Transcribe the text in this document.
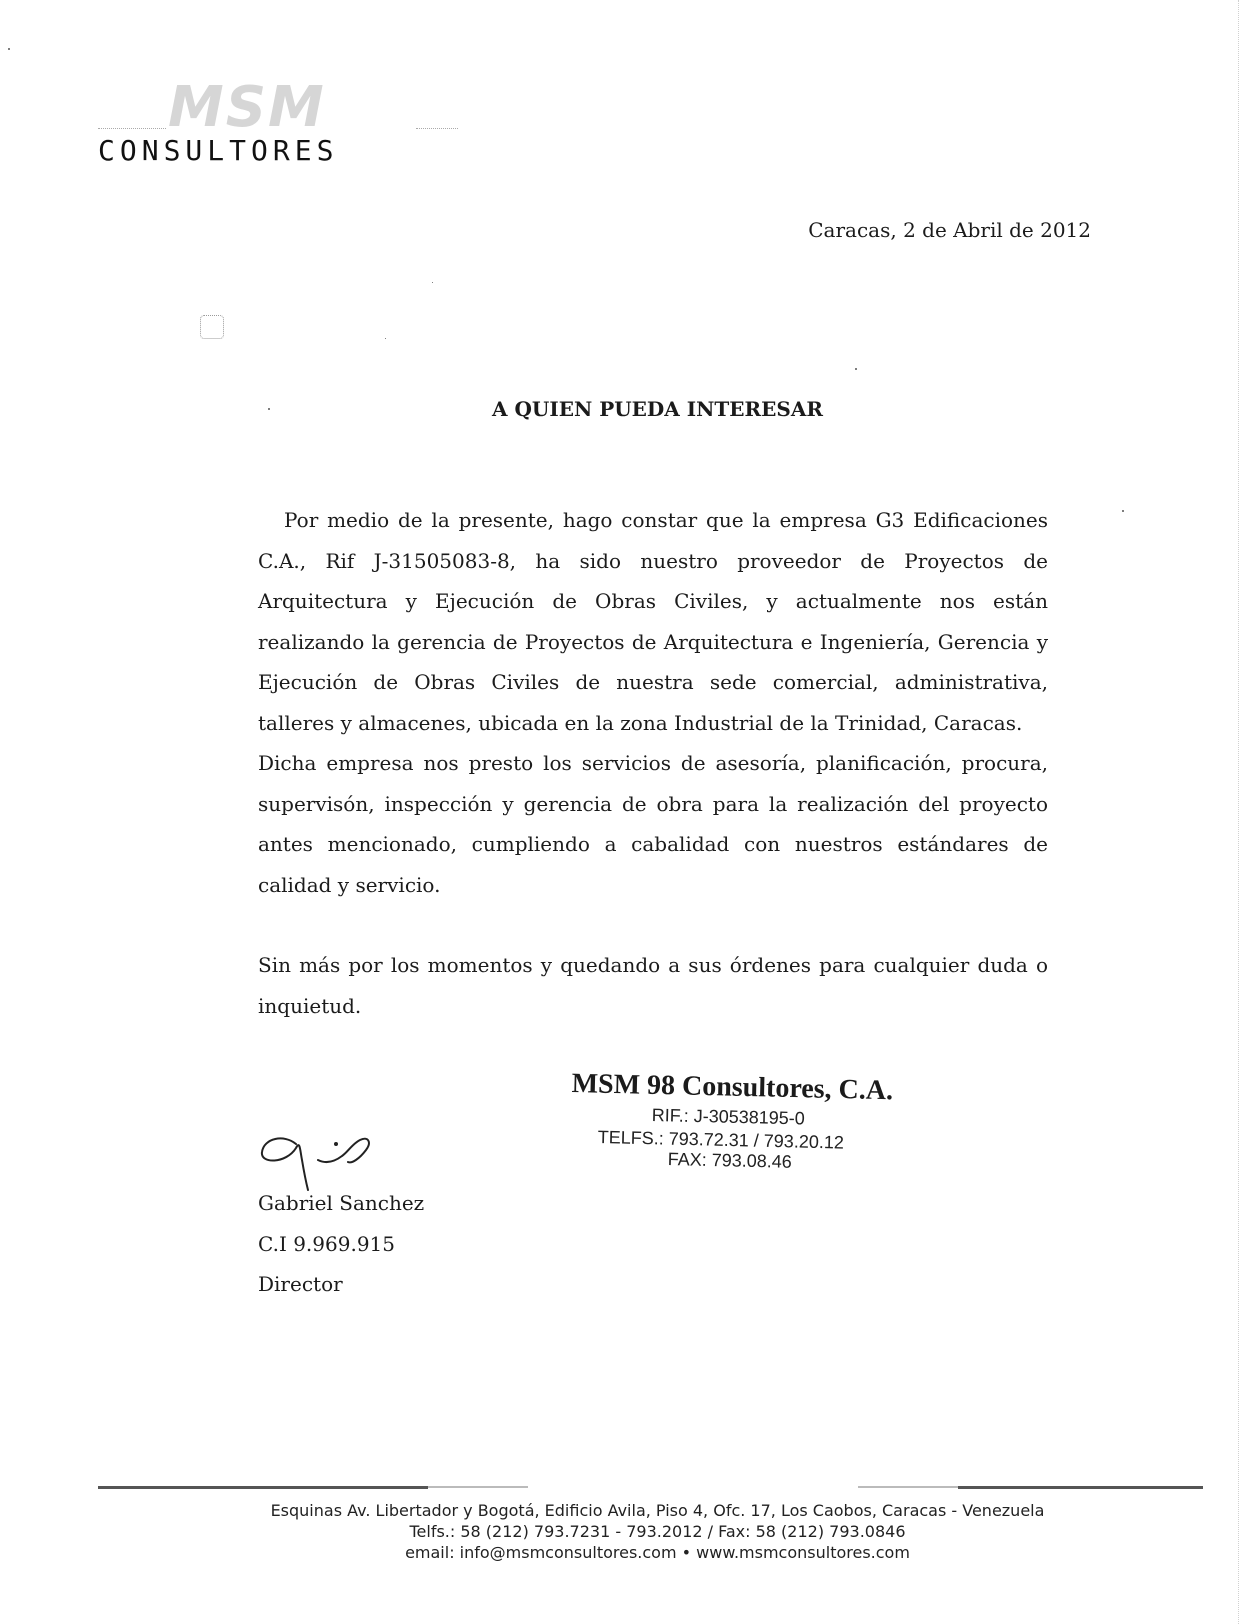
MSM
CONSULTORES
Caracas, 2 de Abril de 2012
A QUIEN PUEDA INTERESAR

Por medio de la presente, hago constar que la empresa G3 Edificaciones C.A., Rif J-31505083-8, ha sido nuestro proveedor de Proyectos de Arquitectura y Ejecución de Obras Civiles, y actualmente nos están realizando la gerencia de Proyectos de Arquitectura e Ingeniería, Gerencia y Ejecución de Obras Civiles de nuestra sede comercial, administrativa, talleres y almacenes, ubicada en la zona Industrial de la Trinidad, Caracas.

Dicha empresa nos presto los servicios de asesoría, planificación, procura, supervisón, inspección y gerencia de obra para la realización del proyecto antes mencionado, cumpliendo a cabalidad con nuestros estándares de calidad y servicio.

Sin más por los momentos y quedando a sus órdenes para cualquier duda o inquietud.

MSM 98 Consultores, C.A.
RIF.: J-30538195-0
TELFS.: 793.72.31 / 793.20.12
FAX: 793.08.46
Gabriel Sanchez
C.I 9.969.915
Director
Esquinas Av. Libertador y Bogotá, Edificio Avila, Piso 4, Ofc. 17, Los Caobos, Caracas - Venezuela
Telfs.: 58 (212) 793.7231 - 793.2012 / Fax: 58 (212) 793.0846
email: info@msmconsultores.com • www.msmconsultores.com
